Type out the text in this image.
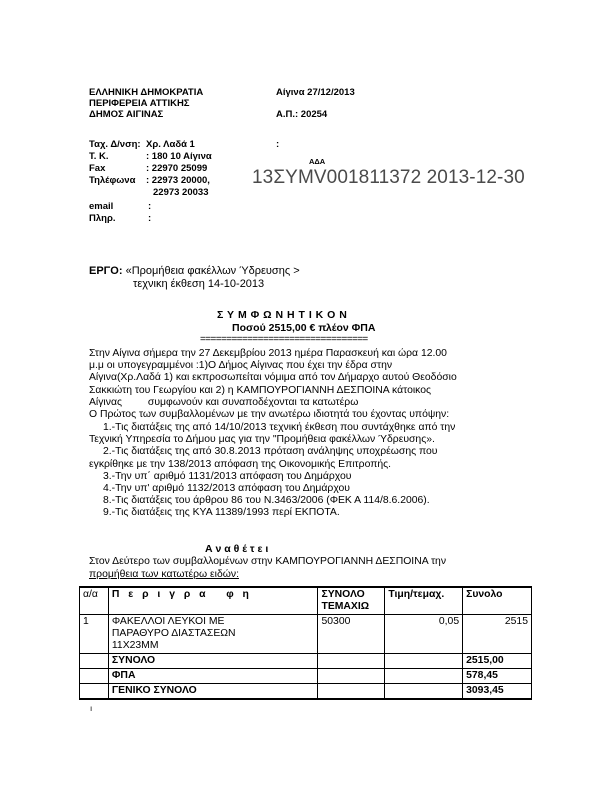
ΕΛΛΗΝΙΚΗ ΔΗΜΟΚΡΑΤΙΑ
ΠΕΡΙΦΕΡΕΙΑ ΑΤΤΙΚΗΣ
ΔΗΜΟΣ ΑΙΓΙΝΑΣ
Αίγινα 27/12/2013
Α.Π.: 20254
Ταχ. Δ/νση: Χρ. Λαδά 1	:
Τ. Κ.	: 180 10 Αίγινα
Fax	: 22970 25099
Τηλέφωνα : 22973 20000,
22973 20033
email	:
Πληρ.	:
ΑΔΑ
13ΣΥΜV001811372 2013-12-30
ΕΡΓΟ: «Προμήθεια φακέλλων Ύδρευσης >
τεχνικη έκθεση 14-10-2013
Σ Υ Μ Φ Ω Ν Η Τ Ι Κ Ο Ν
Ποσού 2515,00 € πλέον ΦΠΑ
================================
Στην Αίγινα σήμερα την 27 Δεκεμβρίου 2013 ημέρα Παρασκευή και ώρα 12.00
μ.μ οι υπογεγραμμένοι :1)Ο Δήμος Αίγινας που έχει την έδρα στην
Αίγινα(Χρ.Λαδά 1) και εκπροσωπείται νόμιμα από τον Δήμαρχο αυτού Θεοδόσιο
Σακκιώτη του Γεωργίου και 2) η ΚΑΜΠΟΥΡΟΓΙΑΝΝΗ ΔΕΣΠΟΙΝΑ κάτοικος
Αίγινας         συμφωνούν και συναποδέχονται τα κατωτέρω
Ο Πρώτος των συμβαλλομένων με την ανωτέρω ιδιοτητά του έχοντας υπόψην:
1.-Τις διατάξεις της από 14/10/2013 τεχνική έκθεση που συντάχθηκε από την
Τεχνική Υπηρεσία το Δήμου μας για την "Προμήθεια φακέλλων Ύδρευσης».
2.-Τις διατάξεις της από 30.8.2013 πρόταση ανάληψης υποχρέωσης που
εγκρίθηκε με την 138/2013 απόφαση της Οικονομικής Επιτροπής.
3.-Την υπ΄ αριθμό 1131/2013 απόφαση του Δημάρχου
4.-Την υπ' αριθμό 1132/2013 απόφαση του Δημάρχου
8.-Τις διατάξεις του άρθρου 86 του Ν.3463/2006 (ΦΕΚ Α 114/8.6.2006).
9.-Τις διατάξεις της ΚΥΑ 11389/1993 περί ΕΚΠΟΤΑ.
Α ν α θ έ τ ε ι
Στον Δεύτερο των συμβαλλομένων στην ΚΑΜΠΟΥΡΟΓΙΑΝΝΗ ΔΕΣΠΟΙΝΑ την
προμήθεια των κατωτέρω ειδών:
α/α	Π ε ρ ι γ ρ α   φ η	ΣΥΝΟΛΟ ΤΕΜΑΧΙΩ	Τιμη/τεμαχ.	Συνολο
1	ΦΑΚΕΛΛΟΙ ΛΕΥΚΟΙ ΜΕ
ΠΑΡΑΘΥΡΟ ΔΙΑΣΤΑΣΕΩΝ
11Χ23ΜΜ	50300	0,05	2515
	ΣΥΝΟΛΟ			2515,00
	ΦΠΑ			578,45
	ΓΕΝΙΚΟ ΣΥΝΟΛΟ			3093,45
ı
